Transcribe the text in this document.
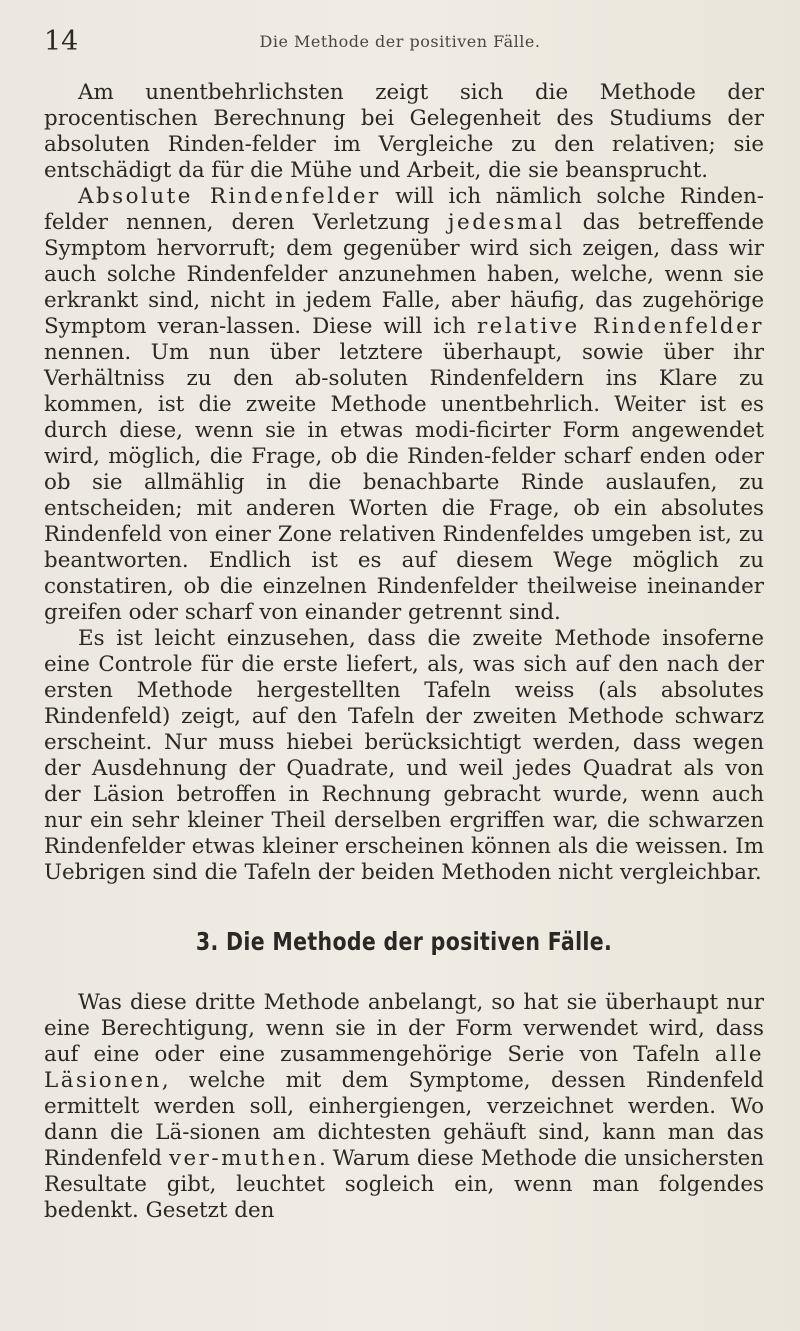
14	Die Methode der positiven Fälle.

Am unentbehrlichsten zeigt sich die Methode der procentischen Berechnung bei Gelegenheit des Studiums der absoluten Rinden-felder im Vergleiche zu den relativen; sie entschädigt da für die Mühe und Arbeit, die sie beansprucht.

Absolute Rindenfelder will ich nämlich solche Rinden-felder nennen, deren Verletzung jedesmal das betreffende Symptom hervorruft; dem gegenüber wird sich zeigen, dass wir auch solche Rindenfelder anzunehmen haben, welche, wenn sie erkrankt sind, nicht in jedem Falle, aber häufig, das zugehörige Symptom veran-lassen. Diese will ich relative Rindenfelder nennen. Um nun über letztere überhaupt, sowie über ihr Verhältniss zu den ab-soluten Rindenfeldern ins Klare zu kommen, ist die zweite Methode unentbehrlich. Weiter ist es durch diese, wenn sie in etwas modi-ficirter Form angewendet wird, möglich, die Frage, ob die Rinden-felder scharf enden oder ob sie allmählig in die benachbarte Rinde auslaufen, zu entscheiden; mit anderen Worten die Frage, ob ein absolutes Rindenfeld von einer Zone relativen Rindenfeldes umgeben ist, zu beantworten. Endlich ist es auf diesem Wege möglich zu constatiren, ob die einzelnen Rindenfelder theilweise ineinander greifen oder scharf von einander getrennt sind.

Es ist leicht einzusehen, dass die zweite Methode insoferne eine Controle für die erste liefert, als, was sich auf den nach der ersten Methode hergestellten Tafeln weiss (als absolutes Rindenfeld) zeigt, auf den Tafeln der zweiten Methode schwarz erscheint. Nur muss hiebei berücksichtigt werden, dass wegen der Ausdehnung der Quadrate, und weil jedes Quadrat als von der Läsion betroffen in Rechnung gebracht wurde, wenn auch nur ein sehr kleiner Theil derselben ergriffen war, die schwarzen Rindenfelder etwas kleiner erscheinen können als die weissen. Im Uebrigen sind die Tafeln der beiden Methoden nicht vergleichbar.

3. Die Methode der positiven Fälle.

Was diese dritte Methode anbelangt, so hat sie überhaupt nur eine Berechtigung, wenn sie in der Form verwendet wird, dass auf eine oder eine zusammengehörige Serie von Tafeln alle Läsionen, welche mit dem Symptome, dessen Rindenfeld ermittelt werden soll, einhergiengen, verzeichnet werden. Wo dann die Lä-sionen am dichtesten gehäuft sind, kann man das Rindenfeld ver-muthen. Warum diese Methode die unsichersten Resultate gibt, leuchtet sogleich ein, wenn man folgendes bedenkt. Gesetzt den
